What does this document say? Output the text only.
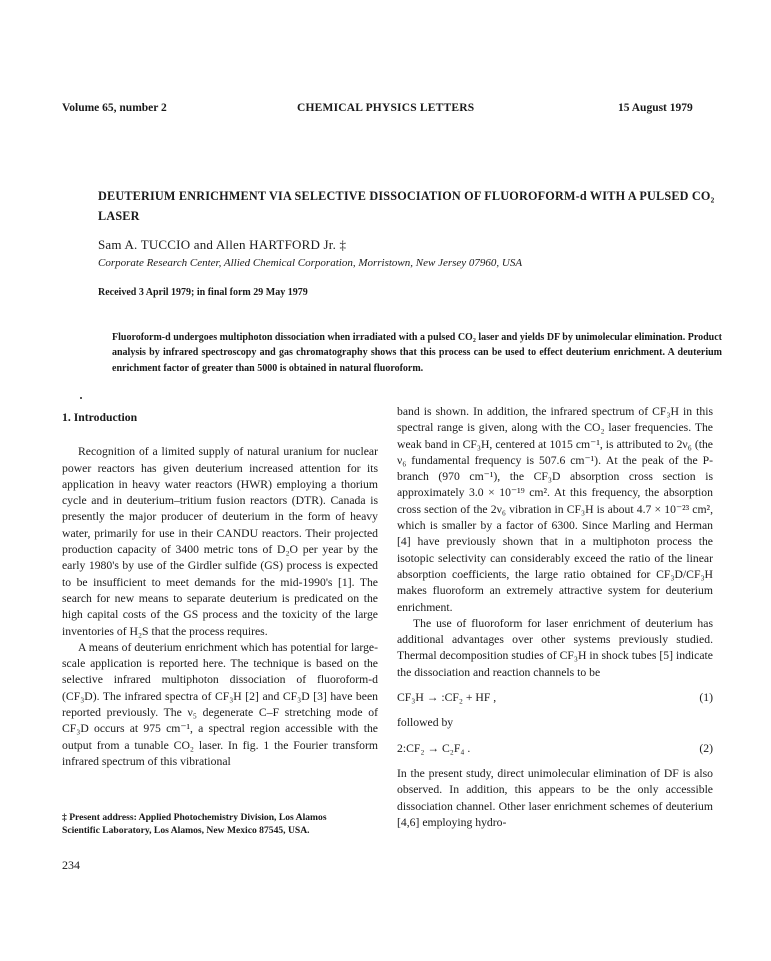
Volume 65, number 2	CHEMICAL PHYSICS LETTERS	15 August 1979
DEUTERIUM ENRICHMENT VIA SELECTIVE DISSOCIATION OF FLUOROFORM-d WITH A PULSED CO₂ LASER
Sam A. TUCCIO and Allen HARTFORD Jr. ‡
Corporate Research Center, Allied Chemical Corporation, Morristown, New Jersey 07960, USA
Received 3 April 1979; in final form 29 May 1979
Fluoroform-d undergoes multiphoton dissociation when irradiated with a pulsed CO₂ laser and yields DF by unimolecular elimination. Product analysis by infrared spectroscopy and gas chromatography shows that this process can be used to effect deuterium enrichment. A deuterium enrichment factor of greater than 5000 is obtained in natural fluoroform.

1. Introduction

Recognition of a limited supply of natural uranium for nuclear power reactors has given deuterium increased attention for its application in heavy water reactors (HWR) employing a thorium cycle and in deuterium–tritium fusion reactors (DTR). Canada is presently the major producer of deuterium in the form of heavy water, primarily for use in their CANDU reactors. Their projected production capacity of 3400 metric tons of D₂O per year by the early 1980's by use of the Girdler sulfide (GS) process is expected to be insufficient to meet demands for the mid-1990's [1]. The search for new means to separate deuterium is predicated on the high capital costs of the GS process and the toxicity of the large inventories of H₂S that the process requires.

A means of deuterium enrichment which has potential for large-scale application is reported here. The technique is based on the selective infrared multiphoton dissociation of fluoroform-d (CF₃D). The infrared spectra of CF₃H [2] and CF₃D [3] have been reported previously. The ν₅ degenerate C–F stretching mode of CF₃D occurs at 975 cm⁻¹, a spectral region accessible with the output from a tunable CO₂ laser. In fig. 1 the Fourier transform infrared spectrum of this vibrational

band is shown. In addition, the infrared spectrum of CF₃H in this spectral range is given, along with the CO₂ laser frequencies. The weak band in CF₃H, centered at 1015 cm⁻¹, is attributed to 2ν₆ (the ν₆ fundamental frequency is 507.6 cm⁻¹). At the peak of the P-branch (970 cm⁻¹), the CF₃D absorption cross section is approximately 3.0 × 10⁻¹⁹ cm². At this frequency, the absorption cross section of the 2ν₆ vibration in CF₃H is about 4.7 × 10⁻²³ cm², which is smaller by a factor of 6300. Since Marling and Herman [4] have previously shown that in a multiphoton process the isotopic selectivity can considerably exceed the ratio of the linear absorption coefficients, the large ratio obtained for CF₃D/CF₃H makes fluoroform an extremely attractive system for deuterium enrichment.

The use of fluoroform for laser enrichment of deuterium has additional advantages over other systems previously studied. Thermal decomposition studies of CF₃H in shock tubes [5] indicate the dissociation and reaction channels to be

CF₃H → :CF₂ + HF ,	(1)

followed by

2:CF₂ → C₂F₄ .	(2)

In the present study, direct unimolecular elimination of DF is also observed. In addition, this appears to be the only accessible dissociation channel. Other laser enrichment schemes of deuterium [4,6] employing hydro-

‡ Present address: Applied Photochemistry Division, Los Alamos Scientific Laboratory, Los Alamos, New Mexico 87545, USA.
234
